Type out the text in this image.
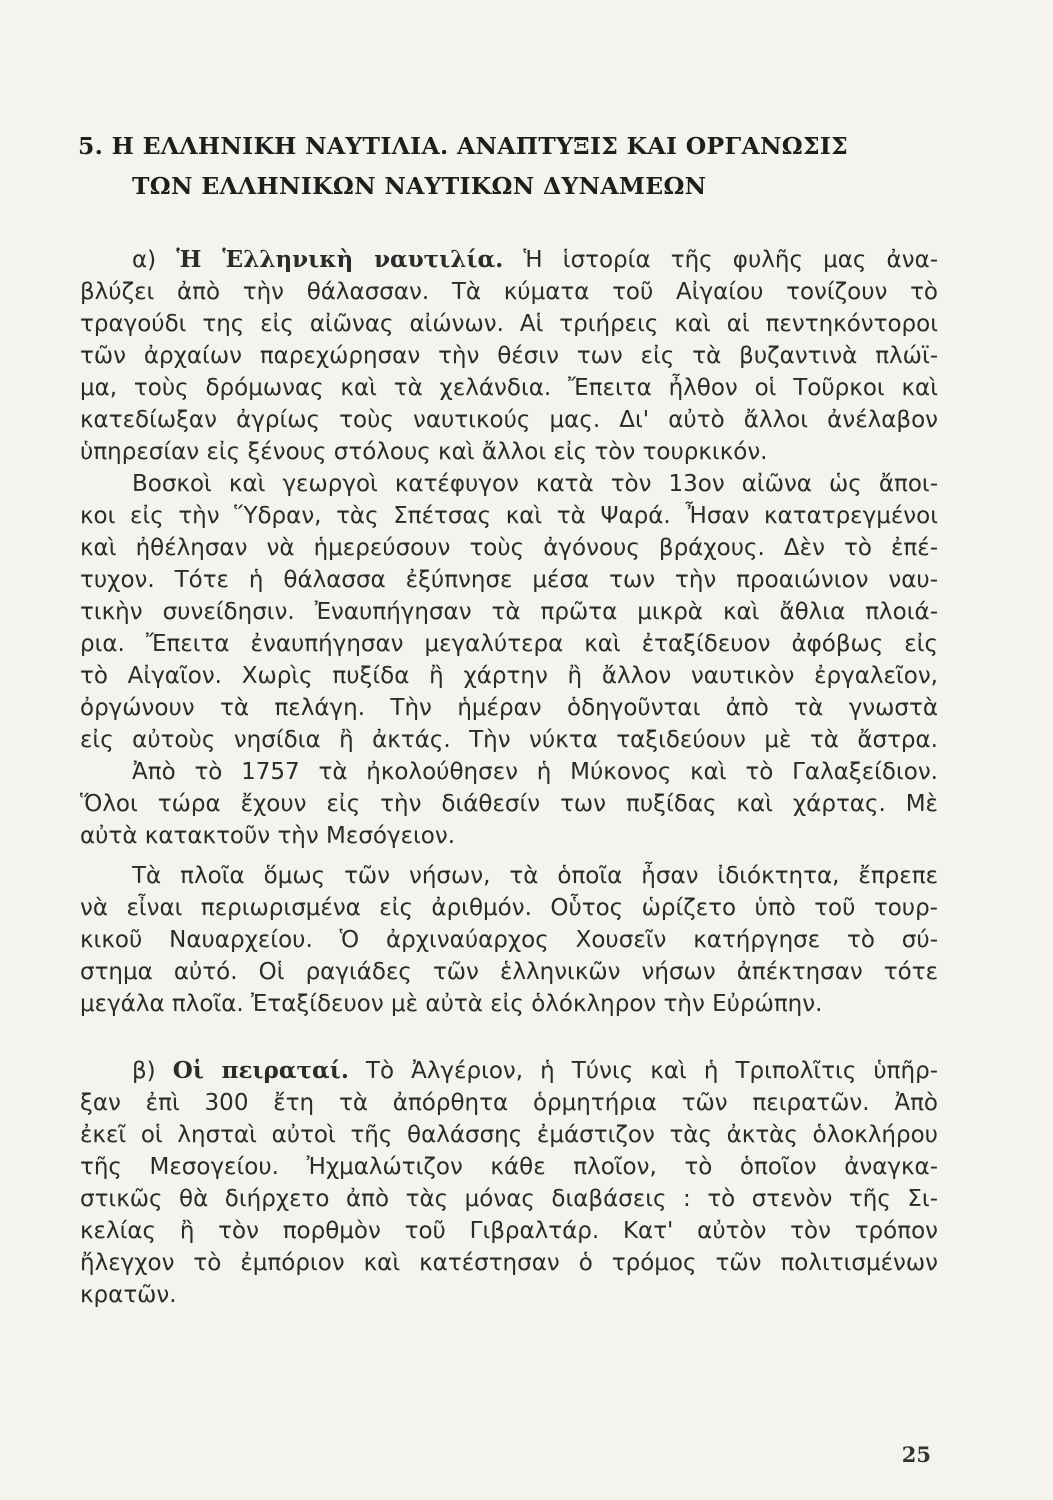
5. Η ΕΛΛΗΝΙΚΗ ΝΑΥΤΙΛΙΑ. ΑΝΑΠΤΥΞΙΣ ΚΑΙ ΟΡΓΑΝΩΣΙΣ
ΤΩΝ ΕΛΛΗΝΙΚΩΝ ΝΑΥΤΙΚΩΝ ΔΥΝΑΜΕΩΝ
α) Ἡ Ἑλληνικὴ ναυτιλία. Ἡ ἱστορία τῆς φυλῆς μας ἀνα-
βλύζει ἀπὸ τὴν θάλασσαν. Τὰ κύματα τοῦ Αἰγαίου τονίζουν τὸ
τραγούδι της εἰς αἰῶνας αἰώνων. Αἱ τριήρεις καὶ αἱ πεντηκόντοροι
τῶν ἀρχαίων παρεχώρησαν τὴν θέσιν των εἰς τὰ βυζαντινὰ πλώϊ-
μα, τοὺς δρόμωνας καὶ τὰ χελάνδια. Ἔπειτα ἦλθον οἱ Τοῦρκοι καὶ
κατεδίωξαν ἀγρίως τοὺς ναυτικούς μας. Δι' αὐτὸ ἄλλοι ἀνέλαβον
ὑπηρεσίαν εἰς ξένους στόλους καὶ ἄλλοι εἰς τὸν τουρκικόν.
Βοσκοὶ καὶ γεωργοὶ κατέφυγον κατὰ τὸν 13ον αἰῶνα ὡς ἄποι-
κοι εἰς τὴν Ὕδραν, τὰς Σπέτσας καὶ τὰ Ψαρά. Ἦσαν κατατρεγμένοι
καὶ ἠθέλησαν νὰ ἡμερεύσουν τοὺς ἀγόνους βράχους. Δὲν τὸ ἐπέ-
τυχον. Τότε ἡ θάλασσα ἐξύπνησε μέσα των τὴν προαιώνιον ναυ-
τικὴν συνείδησιν. Ἐναυπήγησαν τὰ πρῶτα μικρὰ καὶ ἄθλια πλοιά-
ρια. Ἔπειτα ἐναυπήγησαν μεγαλύτερα καὶ ἐταξίδευον ἀφόβως εἰς
τὸ Αἰγαῖον. Χωρὶς πυξίδα ἢ χάρτην ἢ ἄλλον ναυτικὸν ἐργαλεῖον,
ὀργώνουν τὰ πελάγη. Τὴν ἡμέραν ὁδηγοῦνται ἀπὸ τὰ γνωστὰ
εἰς αὐτοὺς νησίδια ἢ ἀκτάς. Τὴν νύκτα ταξιδεύουν μὲ τὰ ἄστρα.
Ἀπὸ τὸ 1757 τὰ ἠκολούθησεν ἡ Μύκονος καὶ τὸ Γαλαξείδιον.
Ὅλοι τώρα ἔχουν εἰς τὴν διάθεσίν των πυξίδας καὶ χάρτας. Μὲ
αὐτὰ κατακτοῦν τὴν Μεσόγειον.
Τὰ πλοῖα ὅμως τῶν νήσων, τὰ ὁποῖα ἦσαν ἰδιόκτητα, ἔπρεπε
νὰ εἶναι περιωρισμένα εἰς ἀριθμόν. Οὗτος ὡρίζετο ὑπὸ τοῦ τουρ-
κικοῦ Ναυαρχείου. Ὁ ἀρχιναύαρχος Χουσεῖν κατήργησε τὸ σύ-
στημα αὐτό. Οἱ ραγιάδες τῶν ἑλληνικῶν νήσων ἀπέκτησαν τότε
μεγάλα πλοῖα. Ἐταξίδευον μὲ αὐτὰ εἰς ὁλόκληρον τὴν Εὐρώπην.
β) Οἱ πειραταί. Τὸ Ἀλγέριον, ἡ Τύνις καὶ ἡ Τριπολῖτις ὑπῆρ-
ξαν ἐπὶ 300 ἔτη τὰ ἀπόρθητα ὁρμητήρια τῶν πειρατῶν. Ἀπὸ
ἐκεῖ οἱ λησταὶ αὐτοὶ τῆς θαλάσσης ἐμάστιζον τὰς ἀκτὰς ὁλοκλήρου
τῆς Μεσογείου. Ἠχμαλώτιζον κάθε πλοῖον, τὸ ὁποῖον ἀναγκα-
στικῶς θὰ διήρχετο ἀπὸ τὰς μόνας διαβάσεις : τὸ στενὸν τῆς Σι-
κελίας ἢ τὸν πορθμὸν τοῦ Γιβραλτάρ. Κατ' αὐτὸν τὸν τρόπον
ἤλεγχον τὸ ἐμπόριον καὶ κατέστησαν ὁ τρόμος τῶν πολιτισμένων
κρατῶν.
25
